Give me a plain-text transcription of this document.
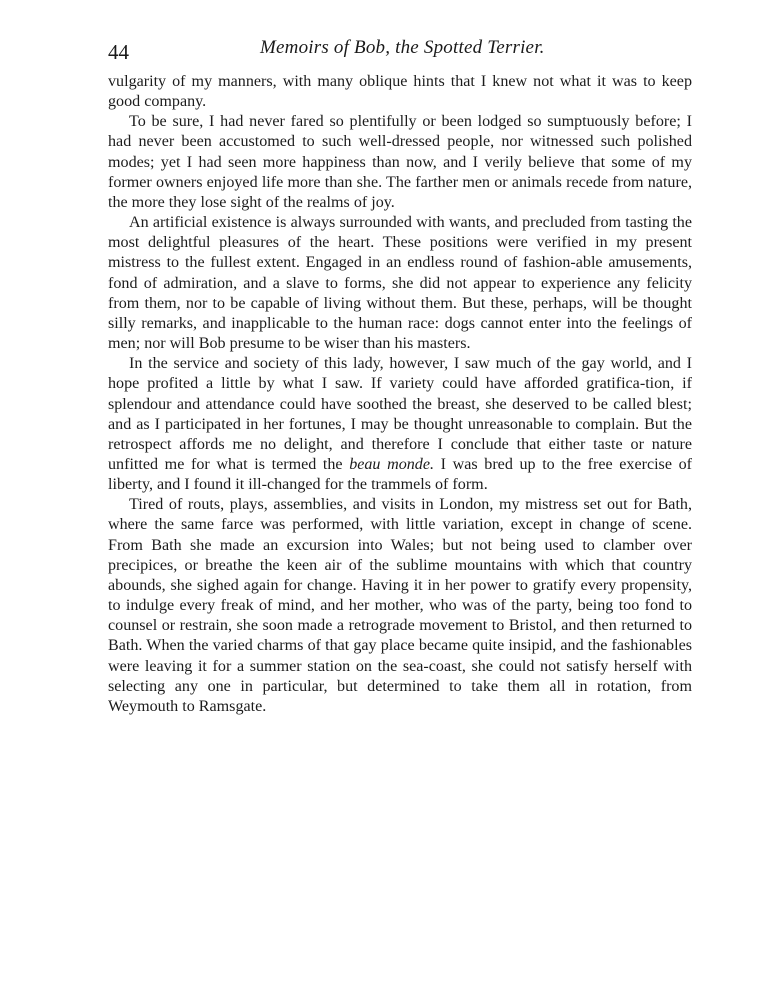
44	Memoirs of Bob, the Spotted Terrier.

vulgarity of my manners, with many oblique hints that I knew not what it was to keep good company.

To be sure, I had never fared so plentifully or been lodged so sumptuously before; I had never been accustomed to such well-dressed people, nor witnessed such polished modes; yet I had seen more happiness than now, and I verily believe that some of my former owners enjoyed life more than she. The farther men or animals recede from nature, the more they lose sight of the realms of joy.

An artificial existence is always surrounded with wants, and precluded from tasting the most delightful pleasures of the heart. These positions were verified in my present mistress to the fullest extent. Engaged in an endless round of fashion-able amusements, fond of admiration, and a slave to forms, she did not appear to experience any felicity from them, nor to be capable of living without them. But these, perhaps, will be thought silly remarks, and inapplicable to the human race: dogs cannot enter into the feelings of men; nor will Bob presume to be wiser than his masters.

In the service and society of this lady, however, I saw much of the gay world, and I hope profited a little by what I saw. If variety could have afforded gratifica-tion, if splendour and attendance could have soothed the breast, she deserved to be called blest; and as I participated in her fortunes, I may be thought unreasonable to complain. But the retrospect affords me no delight, and therefore I conclude that either taste or nature unfitted me for what is termed the beau monde. I was bred up to the free exercise of liberty, and I found it ill-changed for the trammels of form.

Tired of routs, plays, assemblies, and visits in London, my mistress set out for Bath, where the same farce was performed, with little variation, except in change of scene. From Bath she made an excursion into Wales; but not being used to clamber over precipices, or breathe the keen air of the sublime mountains with which that country abounds, she sighed again for change. Having it in her power to gratify every propensity, to indulge every freak of mind, and her mother, who was of the party, being too fond to counsel or restrain, she soon made a retrograde movement to Bristol, and then returned to Bath. When the varied charms of that gay place became quite insipid, and the fashionables were leaving it for a summer station on the sea-coast, she could not satisfy herself with selecting any one in particular, but determined to take them all in rotation, from Weymouth to Ramsgate.
